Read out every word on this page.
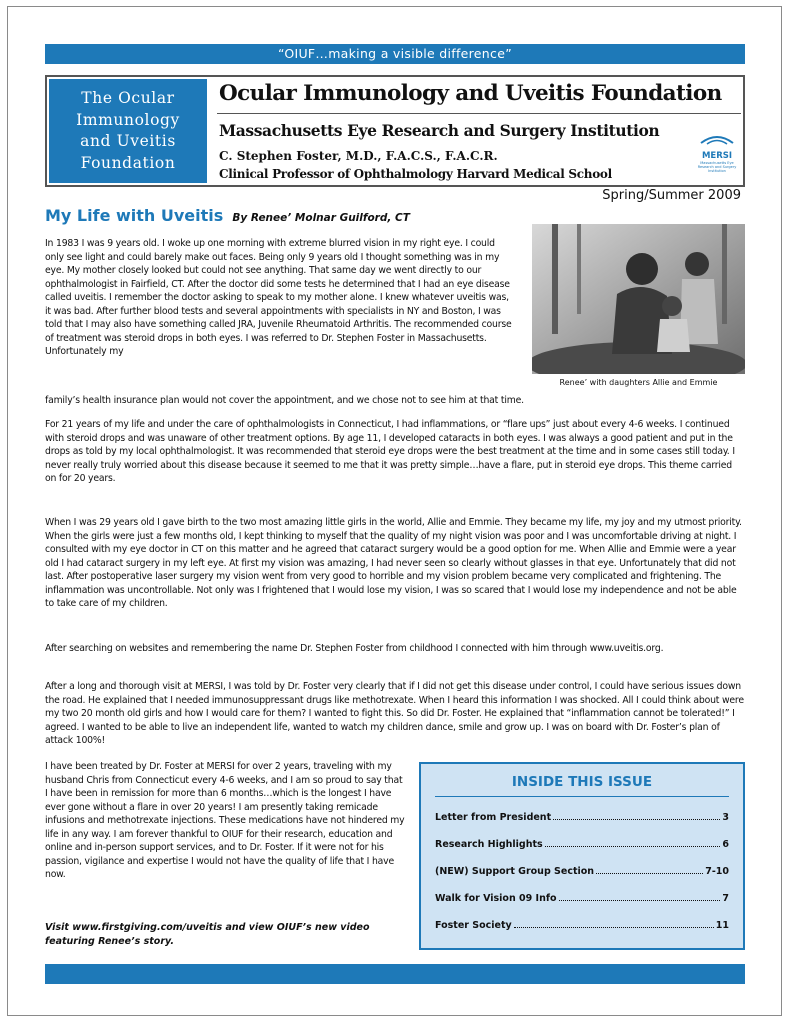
“OIUF…making a visible difference”
The Ocular
Immunology
and Uveitis
Foundation
Ocular Immunology and Uveitis Foundation
Massachusetts Eye Research and Surgery Institution
C. Stephen Foster, M.D., F.A.C.S., F.A.C.R.
Clinical Professor of Ophthalmology Harvard Medical School
MERSI
Massachusetts Eye Research and Surgery Institution
Spring/Summer 2009
My Life with Uveitis By Renee’ Molnar Guilford, CT

In 1983 I was 9 years old. I woke up one morning with extreme blurred vision in my right eye. I could only see light and could barely make out faces. Being only 9 years old I thought something was in my eye. My mother closely looked but could not see anything. That same day we went directly to our ophthalmologist in Fairfield, CT. After the doctor did some tests he determined that I had an eye disease called uveitis. I remember the doctor asking to speak to my mother alone. I knew whatever uveitis was, it was bad. After further blood tests and several appointments with specialists in NY and Boston, I was told that I may also have something called JRA, Juvenile Rheumatoid Arthritis. The recommended course of treatment was steroid drops in both eyes. I was referred to Dr. Stephen Foster in Massachusetts. Unfortunately my

Renee’ with daughters Allie and Emmie

family’s health insurance plan would not cover the appointment, and we chose not to see him at that time.

For 21 years of my life and under the care of ophthalmologists in Connecticut, I had inflammations, or “flare ups” just about every 4-6 weeks. I continued with steroid drops and was unaware of other treatment options. By age 11, I developed cataracts in both eyes. I was always a good patient and put in the drops as told by my local ophthalmologist. It was recommended that steroid eye drops were the best treatment at the time and in some cases still today. I never really truly worried about this disease because it seemed to me that it was pretty simple…have a flare, put in steroid eye drops. This theme carried on for 20 years.

When I was 29 years old I gave birth to the two most amazing little girls in the world, Allie and Emmie. They became my life, my joy and my utmost priority. When the girls were just a few months old, I kept thinking to myself that the quality of my night vision was poor and I was uncomfortable driving at night. I consulted with my eye doctor in CT on this matter and he agreed that cataract surgery would be a good option for me. When Allie and Emmie were a year old I had cataract surgery in my left eye. At first my vision was amazing, I had never seen so clearly without glasses in that eye. Unfortunately that did not last. After postoperative laser surgery my vision went from very good to horrible and my vision problem became very complicated and frightening. The inflammation was uncontrollable. Not only was I frightened that I would lose my vision, I was so scared that I would lose my independence and not be able to take care of my children.

After searching on websites and remembering the name Dr. Stephen Foster from childhood I connected with him through www.uveitis.org.

After a long and thorough visit at MERSI, I was told by Dr. Foster very clearly that if I did not get this disease under control, I could have serious issues down the road. He explained that I needed immunosuppressant drugs like methotrexate. When I heard this information I was shocked. All I could think about were my two 20 month old girls and how I would care for them? I wanted to fight this. So did Dr. Foster. He explained that “inflammation cannot be tolerated!” I agreed. I wanted to be able to live an independent life, wanted to watch my children dance, smile and grow up. I was on board with Dr. Foster’s plan of attack 100%!

I have been treated by Dr. Foster at MERSI for over 2 years, traveling with my husband Chris from Connecticut every 4-6 weeks, and I am so proud to say that I have been in remission for more than 6 months…which is the longest I have ever gone without a flare in over 20 years! I am presently taking remicade infusions and methotrexate injections. These medications have not hindered my life in any way. I am forever thankful to OIUF for their research, education and online and in-person support services, and to Dr. Foster. If it were not for his passion, vigilance and expertise I would not have the quality of life that I have now.

Visit www.firstgiving.com/uveitis and view OIUF’s new video featuring Renee’s story.
INSIDE THIS ISSUE
Letter from President	3
Research Highlights	6
(NEW) Support Group Section	7-10
Walk for Vision 09 Info	7
Foster Society	11
